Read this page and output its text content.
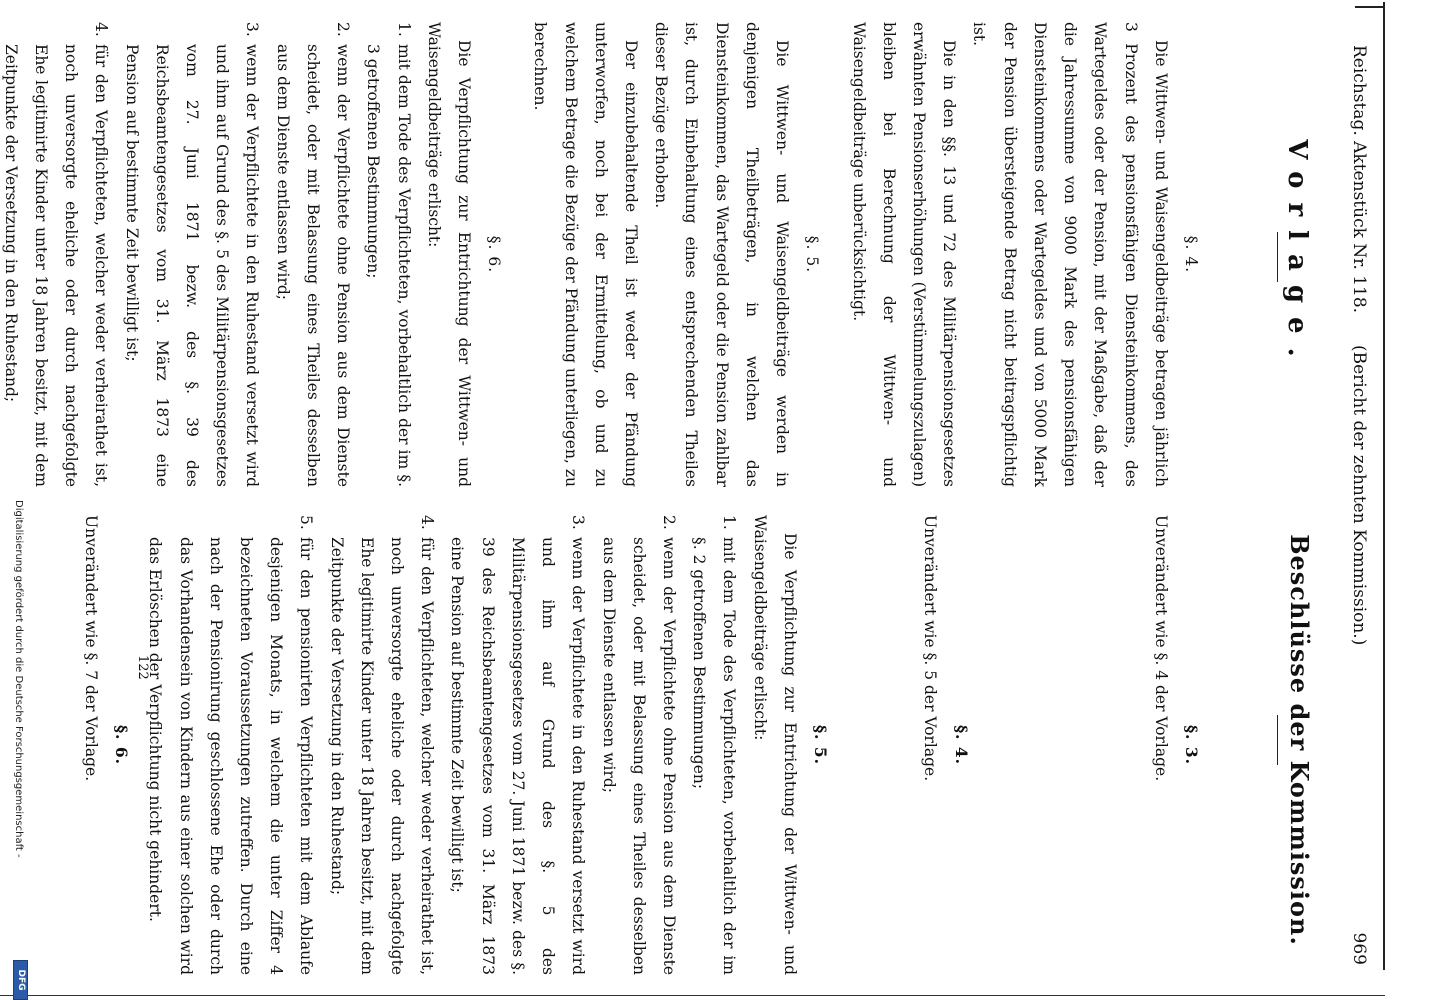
Reichstag. Aktenstück Nr. 118.
(Bericht der zehnten Kommission.)
969
Vorlage.
Beschlüsse der Kommission.

§. 4.

Die Wittwen- und Waisengeldbeiträge betragen jährlich 3 Prozent des pensionsfähigen Diensteinkommens, des Wartegeldes oder der Pension, mit der Maßgabe, daß der die Jahressumme von 9000 Mark des pensionsfähigen Diensteinkommens oder Wartegeldes und von 5000 Mark der Pension übersteigende Betrag nicht beitragspflichtig ist.

Die in den §§. 13 und 72 des Militärpensionsgesetzes erwähnten Pensionserhöhungen (Verstümmelungszulagen) bleiben bei Berechnung der Wittwen- und Waisengeldbeiträge unberücksichtigt.

§. 5.

Die Wittwen- und Waisengeldbeiträge werden in denjenigen Theilbeträgen, in welchen das Diensteinkommen, das Wartegeld oder die Pension zahlbar ist, durch Einbehaltung eines entsprechenden Theiles dieser Bezüge erhoben.

Der einzubehaltende Theil ist weder der Pfändung unterworfen, noch bei der Ermittelung, ob und zu welchem Betrage die Bezüge der Pfändung unterliegen, zu berechnen.

§. 6.

Die Verpflichtung zur Entrichtung der Wittwen- und Waisengeldbeiträge erlischt:

1.
mit dem Tode des Verpflichteten, vorbehaltlich der im §. 3 getroffenen Bestimmungen;
2.
wenn der Verpflichtete ohne Pension aus dem Dienste scheidet, oder mit Belassung eines Theiles desselben aus dem Dienste entlassen wird;
3.
wenn der Verpflichtete in den Ruhestand versetzt wird und ihm auf Grund des §. 5 des Militärpensionsgesetzes vom 27. Juni 1871 bezw. des §. 39 des Reichsbeamtengesetzes vom 31. März 1873 eine Pension auf bestimmte Zeit bewilligt ist;
4.
für den Verpflichteten, welcher weder verheirathet ist, noch unversorgte eheliche oder durch nachgefolgte Ehe legitimirte Kinder unter 18 Jahren besitzt, mit dem Zeitpunkte der Versetzung in den Ruhestand;

§. 3.

Unverändert wie §. 4 der Vorlage.

§. 4.

Unverändert wie §. 5 der Vorlage.

§. 5.

Die Verpflichtung zur Entrichtung der Wittwen- und Waisengeldbeiträge erlischt:

1.
mit dem Tode des Verpflichteten, vorbehaltlich der im §. 2 getroffenen Bestimmungen;
2.
wenn der Verpflichtete ohne Pension aus dem Dienste scheidet, oder mit Belassung eines Theiles desselben aus dem Dienste entlassen wird;
3.
wenn der Verpflichtete in den Ruhestand versetzt wird und ihm auf Grund des §. 5 des Militärpensionsgesetzes vom 27. Juni 1871 bezw. des §. 39 des Reichsbeamtengesetzes vom 31. März 1873 eine Pension auf bestimmte Zeit bewilligt ist;
4.
für den Verpflichteten, welcher weder verheirathet ist, noch unversorgte eheliche oder durch nachgefolgte Ehe legitimirte Kinder unter 18 Jahren besitzt, mit dem Zeitpunkte der Versetzung in den Ruhestand;
5.
für den pensionirten Verpflichteten mit dem Ablaufe desjenigen Monats, in welchem die unter Ziffer 4 bezeichneten Voraussetzungen zutreffen. Durch eine nach der Pensionirung geschlossene Ehe oder durch das Vorhandensein von Kindern aus einer solchen wird das Erlöschen der Verpflichtung nicht gehindert.

§. 6.

Unverändert wie §. 7 der Vorlage.	122
Digitalisierung gefördert durch die Deutsche Forschungsgemeinschaft -
DFG
